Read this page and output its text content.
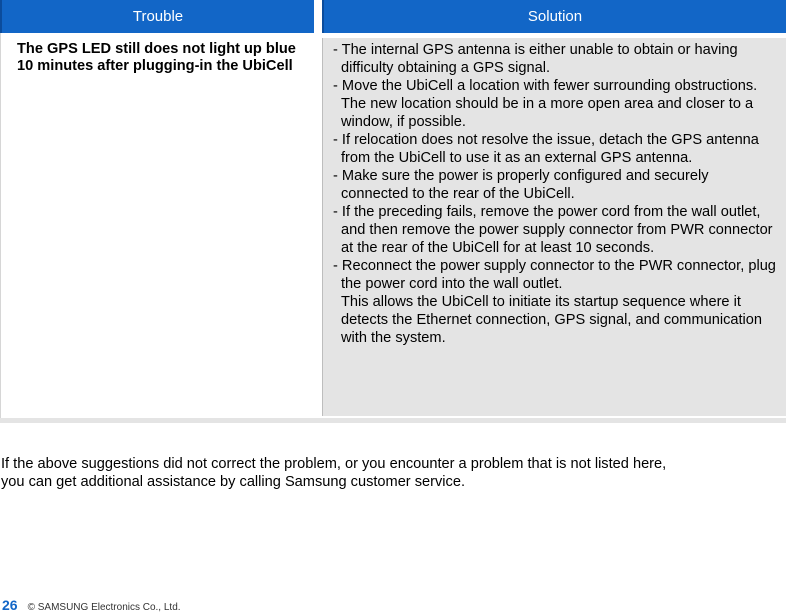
Trouble	Solution
The GPS LED still does not light up blue 10 minutes after plugging-in the UbiCell

- The internal GPS antenna is either unable to obtain or having difficulty obtaining a GPS signal.

- Move the UbiCell a location with fewer surrounding obstructions. The new location should be in a more open area and closer to a window, if possible.

- If relocation does not resolve the issue, detach the GPS antenna from the UbiCell to use it as an external GPS antenna.

- Make sure the power is properly configured and securely connected to the rear of the UbiCell.

- If the preceding fails, remove the power cord from the wall outlet, and then remove the power supply connector from PWR connector at the rear of the UbiCell for at least 10 seconds.

- Reconnect the power supply connector to the PWR connector, plug the power cord into the wall outlet.

This allows the UbiCell to initiate its startup sequence where it detects the Ethernet connection, GPS signal, and communication with the system.

If the above suggestions did not correct the problem, or you encounter a problem that is not listed here,
you can get additional assistance by calling Samsung customer service.
26 © SAMSUNG Electronics Co., Ltd.
